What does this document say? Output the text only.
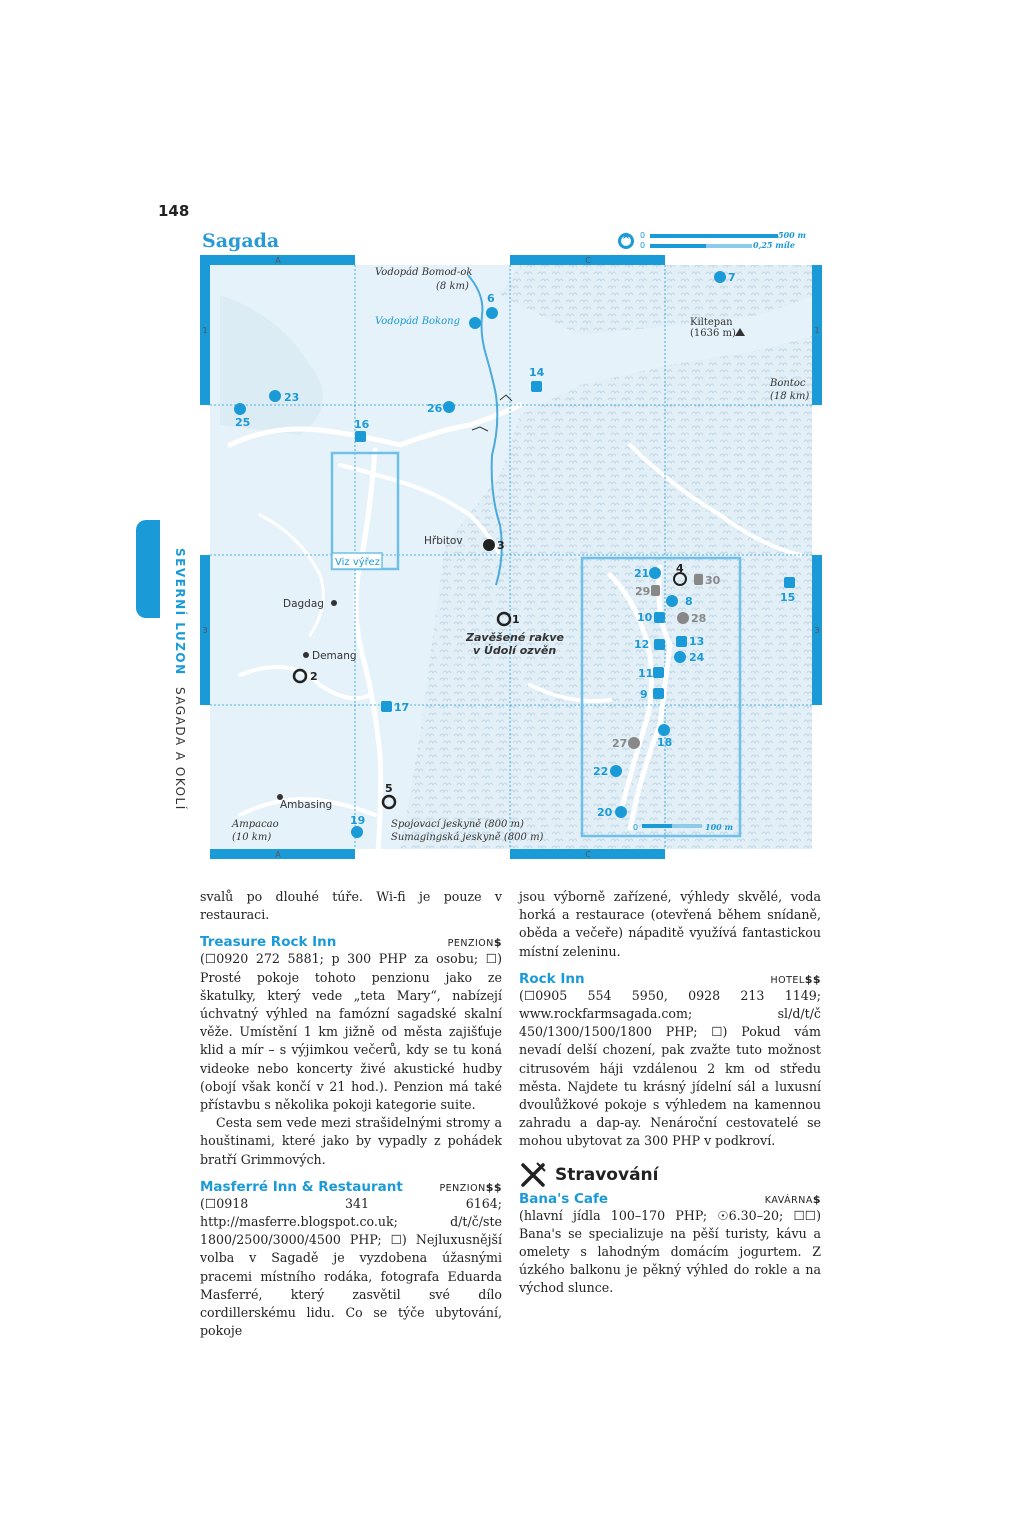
148
Sagada	0	500 m
0	0,25 míle
SEVERNÍ LUZON SAGADA A OKOLÍ
A	B	C	D
A	B	C	D
1
2
3
4
1
2
3
4
Viz výřez
Vodopád Bomod-ok
(8 km)
Vodopád Bokong
Bontoc
(18 km)
Ampacao
(10 km)
Spojovací jeskyně (800 m)
Sumagingská jeskyně (800 m)
Kiltepan
(1636 m)
Hřbitov
Dagdag
Demang
Zavěšené rakve
v Údolí ozvěn
Ambasing
6
7
14
25
23
26
16
15
17
19
3
1
2
5
4
21
8
10
12	13
24
11
9
18
22
20
30
29
28
27
0	100 m

svalů po dlouhé túře. Wi-fi je pouze v restauraci.

Treasure Rock Inn	PENZION$

(☐0920 272 5881; p 300 PHP za osobu; ☐) Prosté pokoje tohoto penzionu jako ze škatulky, který vede „teta Mary“, nabízejí úchvatný výhled na famózní sagadské skalní věže. Umístění 1 km jižně od města zajišťuje klid a mír – s výjimkou večerů, kdy se tu koná videoke nebo koncerty živé akustické hudby (obojí však končí v 21 hod.). Penzion má také přístavbu s několika pokoji kategorie suite.

Cesta sem vede mezi strašidelnými stromy a houštinami, které jako by vypadly z pohádek bratří Grimmových.

Masferré Inn & Restaurant	PENZION$$

(☐0918 341 6164; http://masferre.blogspot.co.uk; d/t/č/ste 1800/2500/3000/4500 PHP; ☐) Nejluxusnější volba v Sagadě je vyzdobena úžasnými pracemi místního rodáka, fotografa Eduarda Masferré, který zasvětil své dílo cordillerskému lidu. Co se týče ubytování, pokoje

jsou výborně zařízené, výhledy skvělé, voda horká a restaurace (otevřená během snídaně, oběda a večeře) nápaditě využívá fantastickou místní zeleninu.

Rock Inn	HOTEL$$

(☐0905 554 5950, 0928 213 1149; www.rockfarmsagada.com; sl/d/t/č 450/1300/1500/1800 PHP; ☐) Pokud vám nevadí delší chození, pak zvažte tuto možnost citrusovém háji vzdálenou 2 km od středu města. Najdete tu krásný jídelní sál a luxusní dvoulůžkové pokoje s výhledem na kamennou zahradu a dap-ay. Nenároční cestovatelé se mohou ubytovat za 300 PHP v podkroví.

Stravování
Bana's Cafe	KAVÁRNA$

(hlavní jídla 100–170 PHP; ☉6.30–20; ☐☐) Bana's se specializuje na pěší turisty, kávu a omelety s lahodným domácím jogurtem. Z úzkého balkonu je pěkný výhled do rokle a na východ slunce.
